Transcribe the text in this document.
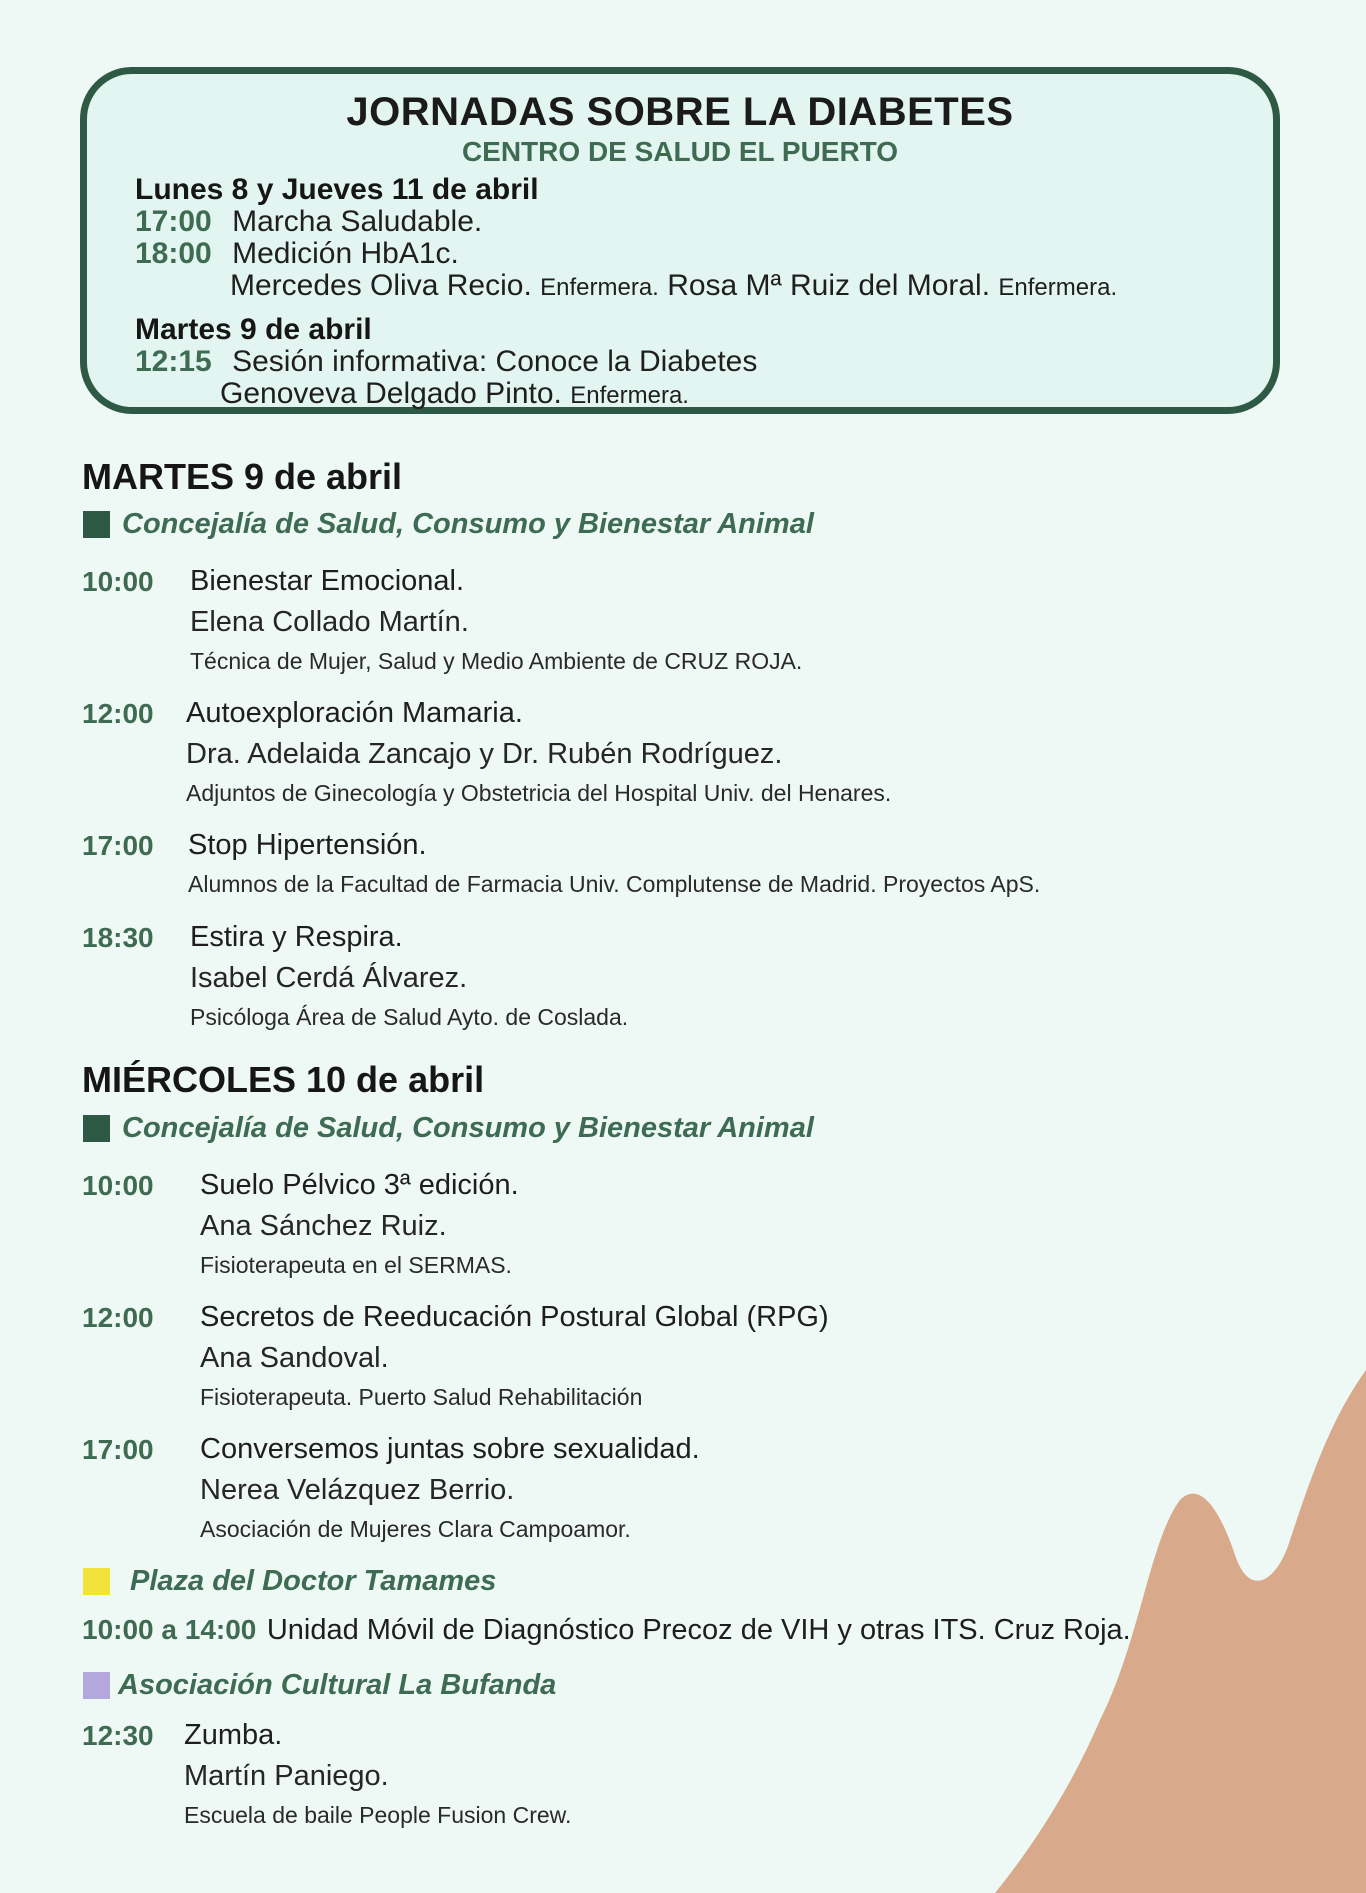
JORNADAS SOBRE LA DIABETES
CENTRO DE SALUD EL PUERTO
Lunes 8 y Jueves 11 de abril
17:00 Marcha Saludable.
18:00 Medición HbA1c.
Mercedes Oliva Recio. Enfermera. Rosa Mª Ruiz del Moral. Enfermera.
Martes 9 de abril
12:15 Sesión informativa: Conoce la Diabetes
Genoveva Delgado Pinto. Enfermera.
MARTES 9 de abril
Concejalía de Salud, Consumo y Bienestar Animal
10:00 Bienestar Emocional.
Elena Collado Martín.
Técnica de Mujer, Salud y Medio Ambiente de CRUZ ROJA.
12:00 Autoexploración Mamaria.
Dra. Adelaida Zancajo y Dr. Rubén Rodríguez.
Adjuntos de Ginecología y Obstetricia del Hospital Univ. del Henares.
17:00 Stop Hipertensión.
Alumnos de la Facultad de Farmacia Univ. Complutense de Madrid. Proyectos ApS.
18:30 Estira y Respira.
Isabel Cerdá Álvarez.
Psicóloga Área de Salud Ayto. de Coslada.
MIÉRCOLES 10 de abril
Concejalía de Salud, Consumo y Bienestar Animal
10:00 Suelo Pélvico 3ª edición.
Ana Sánchez Ruiz.
Fisioterapeuta en el SERMAS.
12:00 Secretos de Reeducación Postural Global (RPG)
Ana Sandoval.
Fisioterapeuta. Puerto Salud Rehabilitación
17:00 Conversemos juntas sobre sexualidad.
Nerea Velázquez Berrio.
Asociación de Mujeres Clara Campoamor.
Plaza del Doctor Tamames
10:00 a 14:00 Unidad Móvil de Diagnóstico Precoz de VIH y otras ITS. Cruz Roja.
Asociación Cultural La Bufanda
12:30 Zumba.
Martín Paniego.
Escuela de baile People Fusion Crew.
